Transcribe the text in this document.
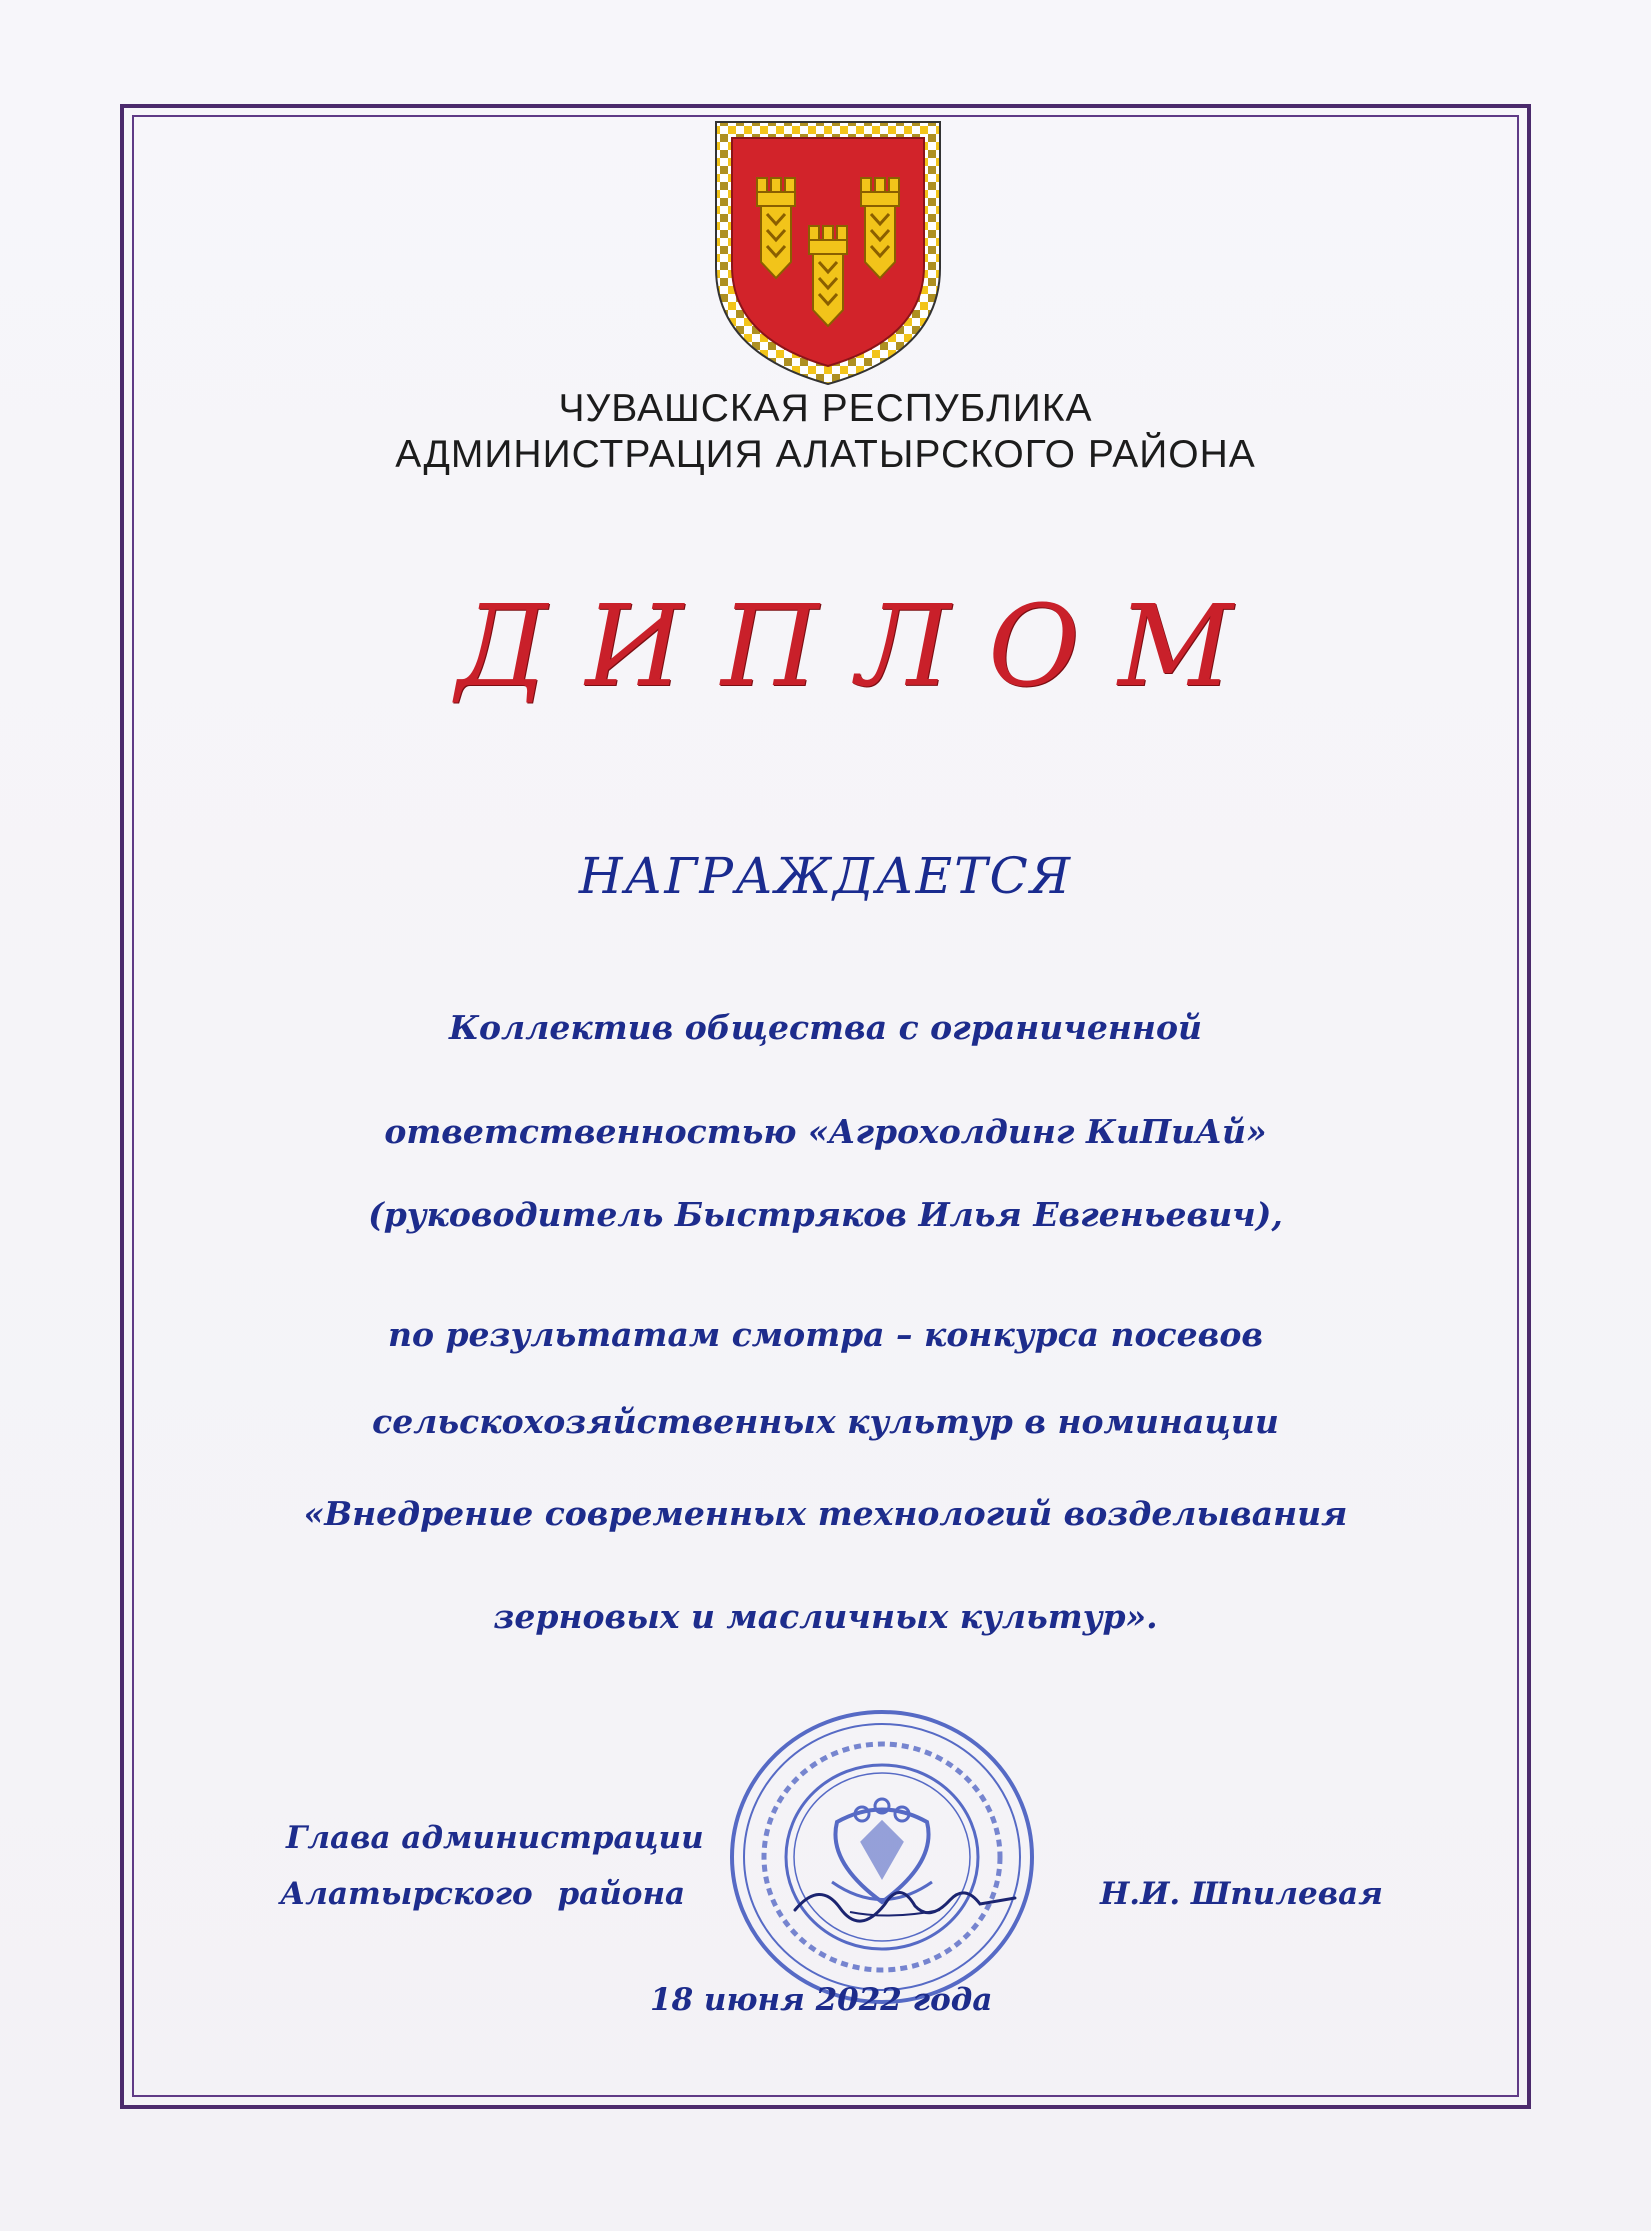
ЧУВАШСКАЯ РЕСПУБЛИКА
АДМИНИСТРАЦИЯ АЛАТЫРСКОГО РАЙОНА
ДИПЛОМ
НАГРАЖДАЕТСЯ
Коллектив общества с ограниченной
ответственностью «Агрохолдинг КиПиАй»
(руководитель Быстряков Илья Евгеньевич),
по результатам смотра – конкурса посевов
сельскохозяйственных культур в номинации
«Внедрение современных технологий возделывания
зерновых и масличных культур».
Глава администрации
Алатырского района	Н.И. Шпилевая
18 июня 2022 года
